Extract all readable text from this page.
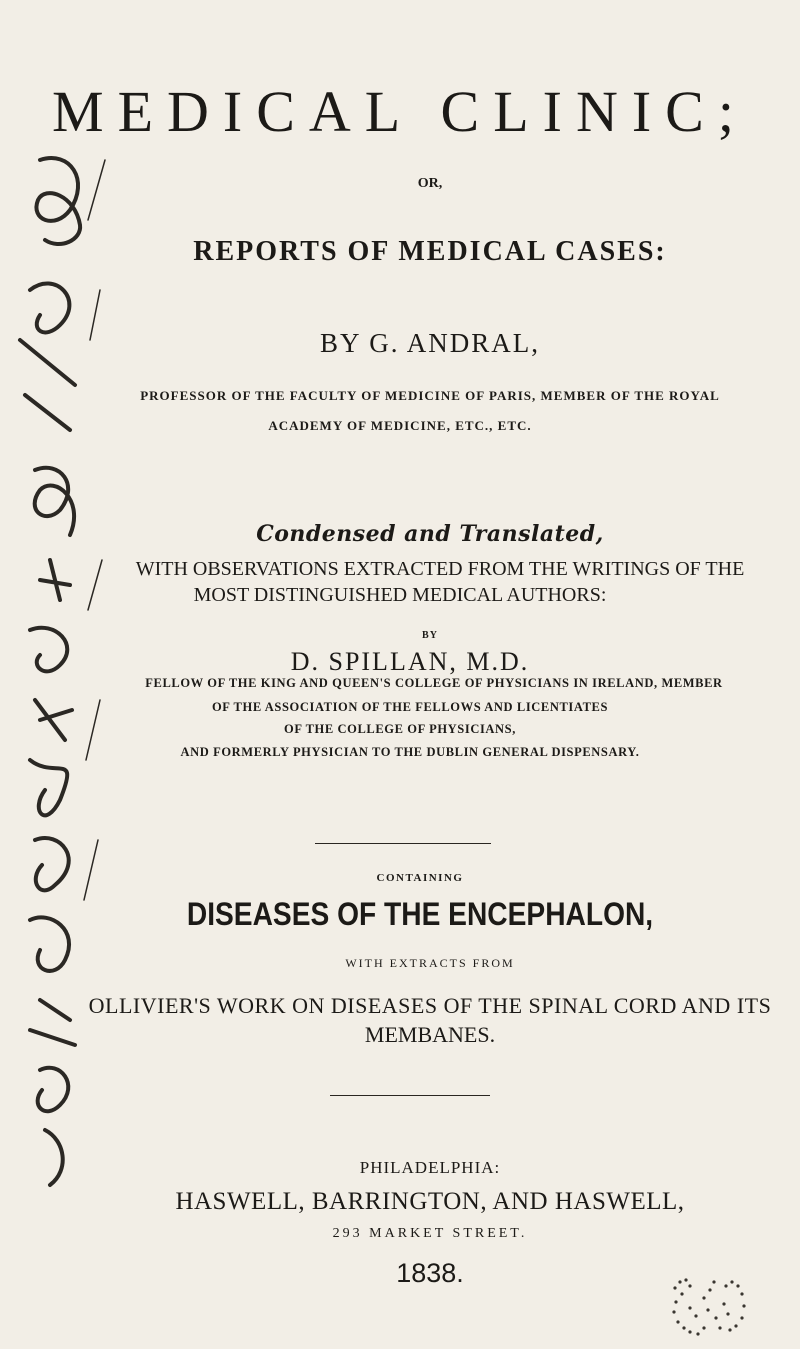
MEDICAL CLINIC;
OR,
REPORTS OF MEDICAL CASES:
BY G. ANDRAL,
PROFESSOR OF THE FACULTY OF MEDICINE OF PARIS, MEMBER OF THE ROYAL
ACADEMY OF MEDICINE, ETC., ETC.
Condensed and Translated,
WITH OBSERVATIONS EXTRACTED FROM THE WRITINGS OF THE
MOST DISTINGUISHED MEDICAL AUTHORS:
BY
D. SPILLAN, M.D.
FELLOW OF THE KING AND QUEEN'S COLLEGE OF PHYSICIANS IN IRELAND, MEMBER
OF THE ASSOCIATION OF THE FELLOWS AND LICENTIATES
OF THE COLLEGE OF PHYSICIANS,
AND FORMERLY PHYSICIAN TO THE DUBLIN GENERAL DISPENSARY.
CONTAINING
DISEASES OF THE ENCEPHALON,
WITH EXTRACTS FROM
OLLIVIER'S WORK ON DISEASES OF THE SPINAL CORD AND ITS
MEMBANES.
PHILADELPHIA:
HASWELL, BARRINGTON, AND HASWELL,
293 MARKET STREET.
1838.
